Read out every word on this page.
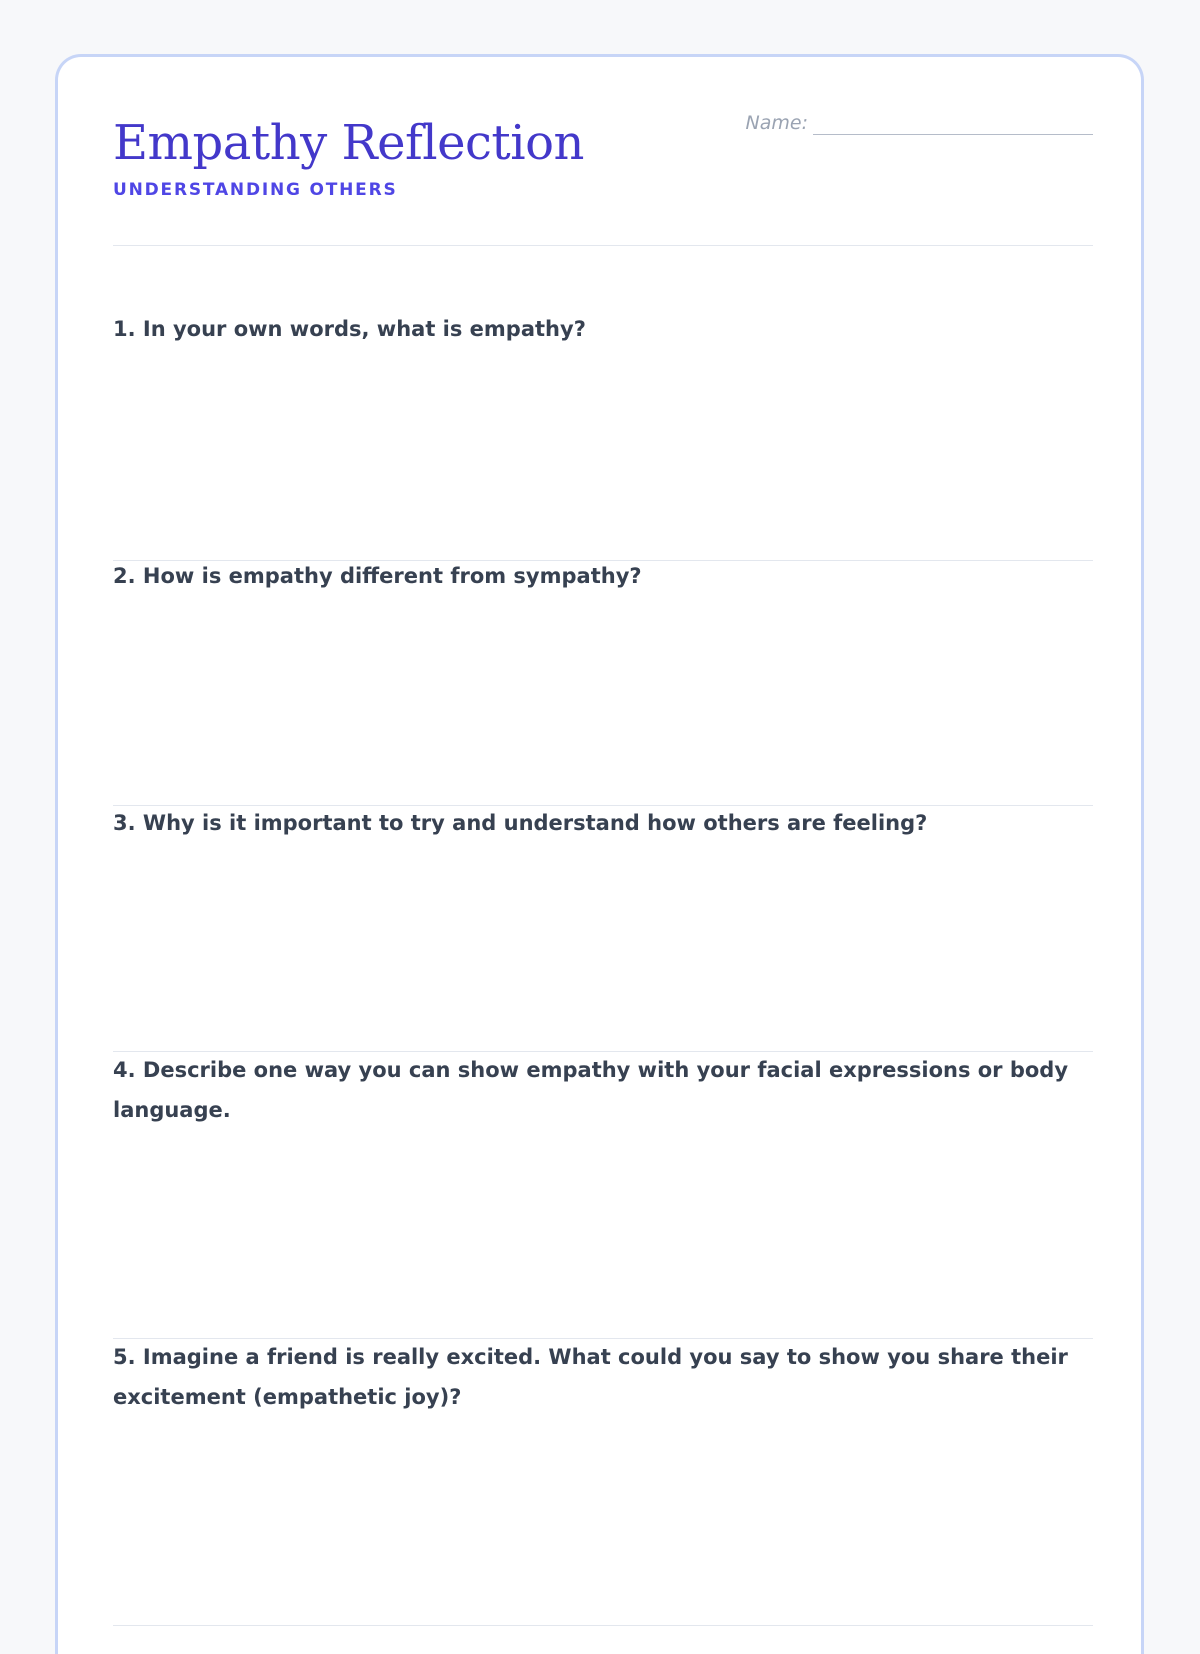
Empathy Reflection
UNDERSTANDING OTHERS
Name:

1. In your own words, what is empathy?

2. How is empathy different from sympathy?

3. Why is it important to try and understand how others are feeling?

4. Describe one way you can show empathy with your facial expressions or body language.

5. Imagine a friend is really excited. What could you say to show you share their excitement (empathetic joy)?
